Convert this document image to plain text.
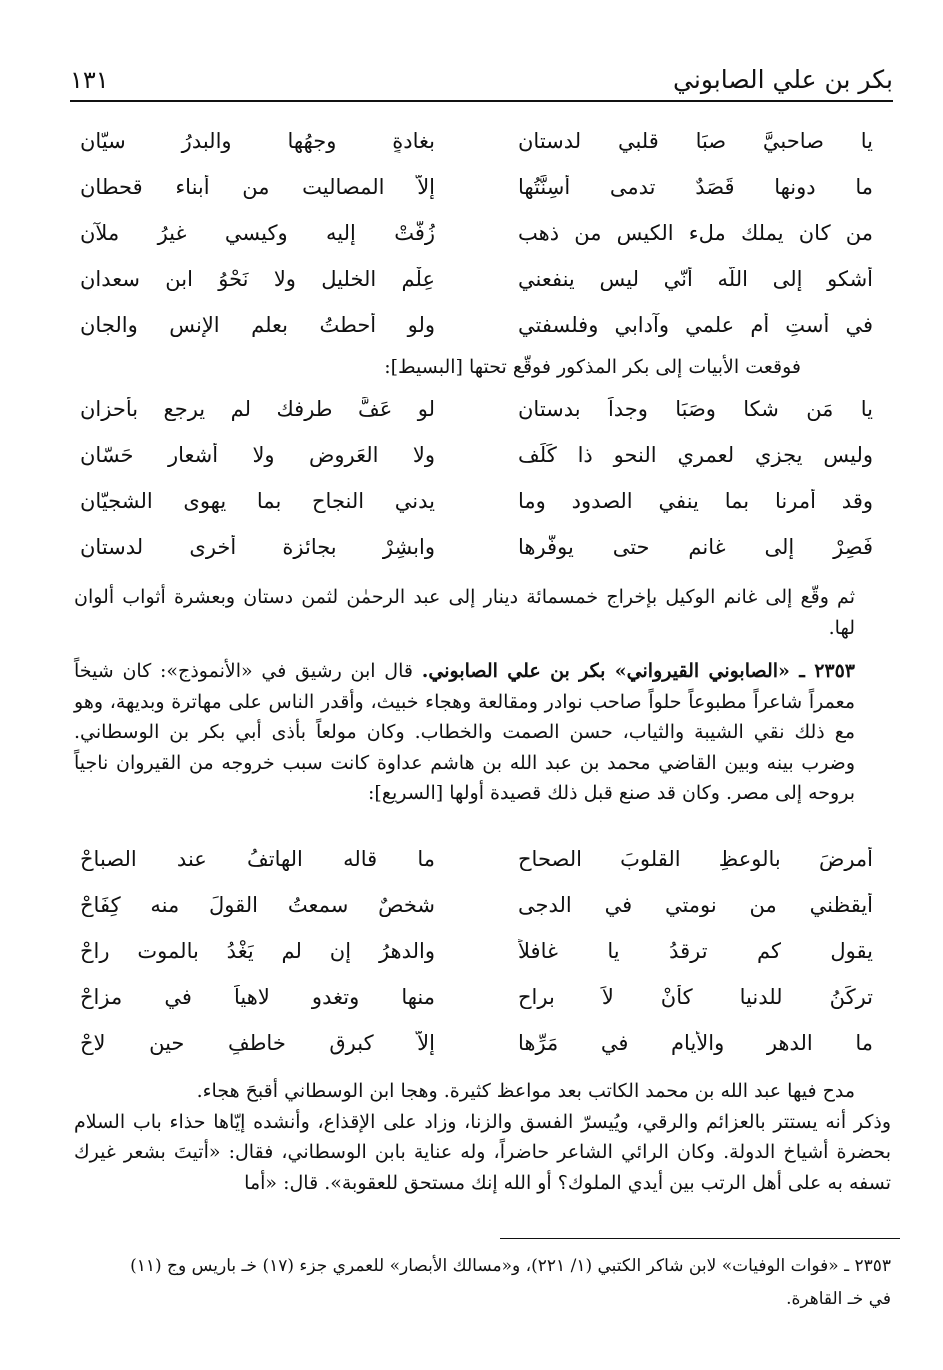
١٣١	بكر بن علي الصابوني
يا صاحبيَّ صبَا قلبي لدستانِ
بغادةٍ وجهُها والبدرُ سيّانِ
ما دونها قَصَدٌ تدمى أسِنَّتُها
إلاّ المصاليت من أبناء قحطانِ
من كان يملك ملء الكيس من ذهب
زُفَّتْ إليه وكيسي غيرُ ملآنِ
أشكو إلى اللّه أنّي ليس ينفعني
عِلْم الخليل ولا نَحْوُ ابن سعدانِ
في أستِ أم علمي وآدابي وفلسفتي
ولو أحطتُ بعلم الإنس والجانِ

فوقعت الأبيات إلى بكر المذكور فوقّع تحتها [البسيط]:

يا مَن شكا وصَبَا وجداً بدستان
لو عَفَّ طرفك لم يرجع بأحزانِ
وليس يجزي لعمري النحو ذا كَلَف
ولا العَروض ولا أشعار حَسّان
وقد أَمرنا بما ينفي الصدود وما
يدني النجاح بما يهوى الشجيّان
فَصِرْ إلى غانم حتى يوفّرها
وابشِرْ بجائزة أخرى لدستان

ثم وقّع إلى غانم الوكيل بإخراج خمسمائة دينار إلى عبد الرحمٰن لثمن دستان وبعشرة أثواب ألوان لها.

٢٣٥٣ ـ «الصابوني القيرواني» بكر بن علي الصابوني. قال ابن رشيق في «الأنموذج»: كان شيخاً معمراً شاعراً مطبوعاً حلواً صاحب نوادر ومقالعة وهجاء خبيث، وأقدر الناس على مهاترة وبديهة، وهو مع ذلك نقي الشيبة والثياب، حسن الصمت والخطاب. وكان مولعاً بأذى أبي بكر بن الوسطاني. وضرب بينه وبين القاضي محمد بن عبد الله بن هاشم عداوة كانت سبب خروجه من القيروان ناجياً بروحه إلى مصر. وكان قد صنع قبل ذلك قصيدة أولها [السريع]:

أمرضَ بالوعظِ القلوبَ الصحاح
ما قاله الهاتفُ عند الصباحْ
أيقظني من نومتي في الدجى
شخصٌ سمعتُ القولَ منه كِفَاحْ
يقول كم ترقدُ يا غافلاً
والدهرُ إن لم يَغْدُ بالموت راحْ
تركَنُ للدنيا كأنْ لاَ براح
منها وتغدو لاهياً في مزاحْ
ما الدهر والأيام في مَرِّها
إلاّ كبرقٍ خاطفٍ حين لاحْ

مدح فيها عبد الله بن محمد الكاتب بعد مواعظ كثيرة. وهجا ابن الوسطاني أقبحَ هجاء.

وذكر أنه يستتر بالعزائم والرقي، ويُيسرّ الفسق والزنا، وزاد على الإقذاع، وأنشده إيّاها حذاء باب السلام بحضرة أشياخ الدولة. وكان الرائي الشاعر حاضراً، وله عناية بابن الوسطاني، فقال: «أتيتَ بشعر غيرك تسفه به على أهل الرتب بين أيدي الملوك؟ أو الله إنك مستحق للعقوبة». قال: «أما

٢٣٥٣ ـ «فوات الوفيات» لابن شاكر الكتبي (١/ ٢٢١)، و«مسالك الأبصار» للعمري جزء (١٧) خـ باريس وج (١١)

في خـ القاهرة.
